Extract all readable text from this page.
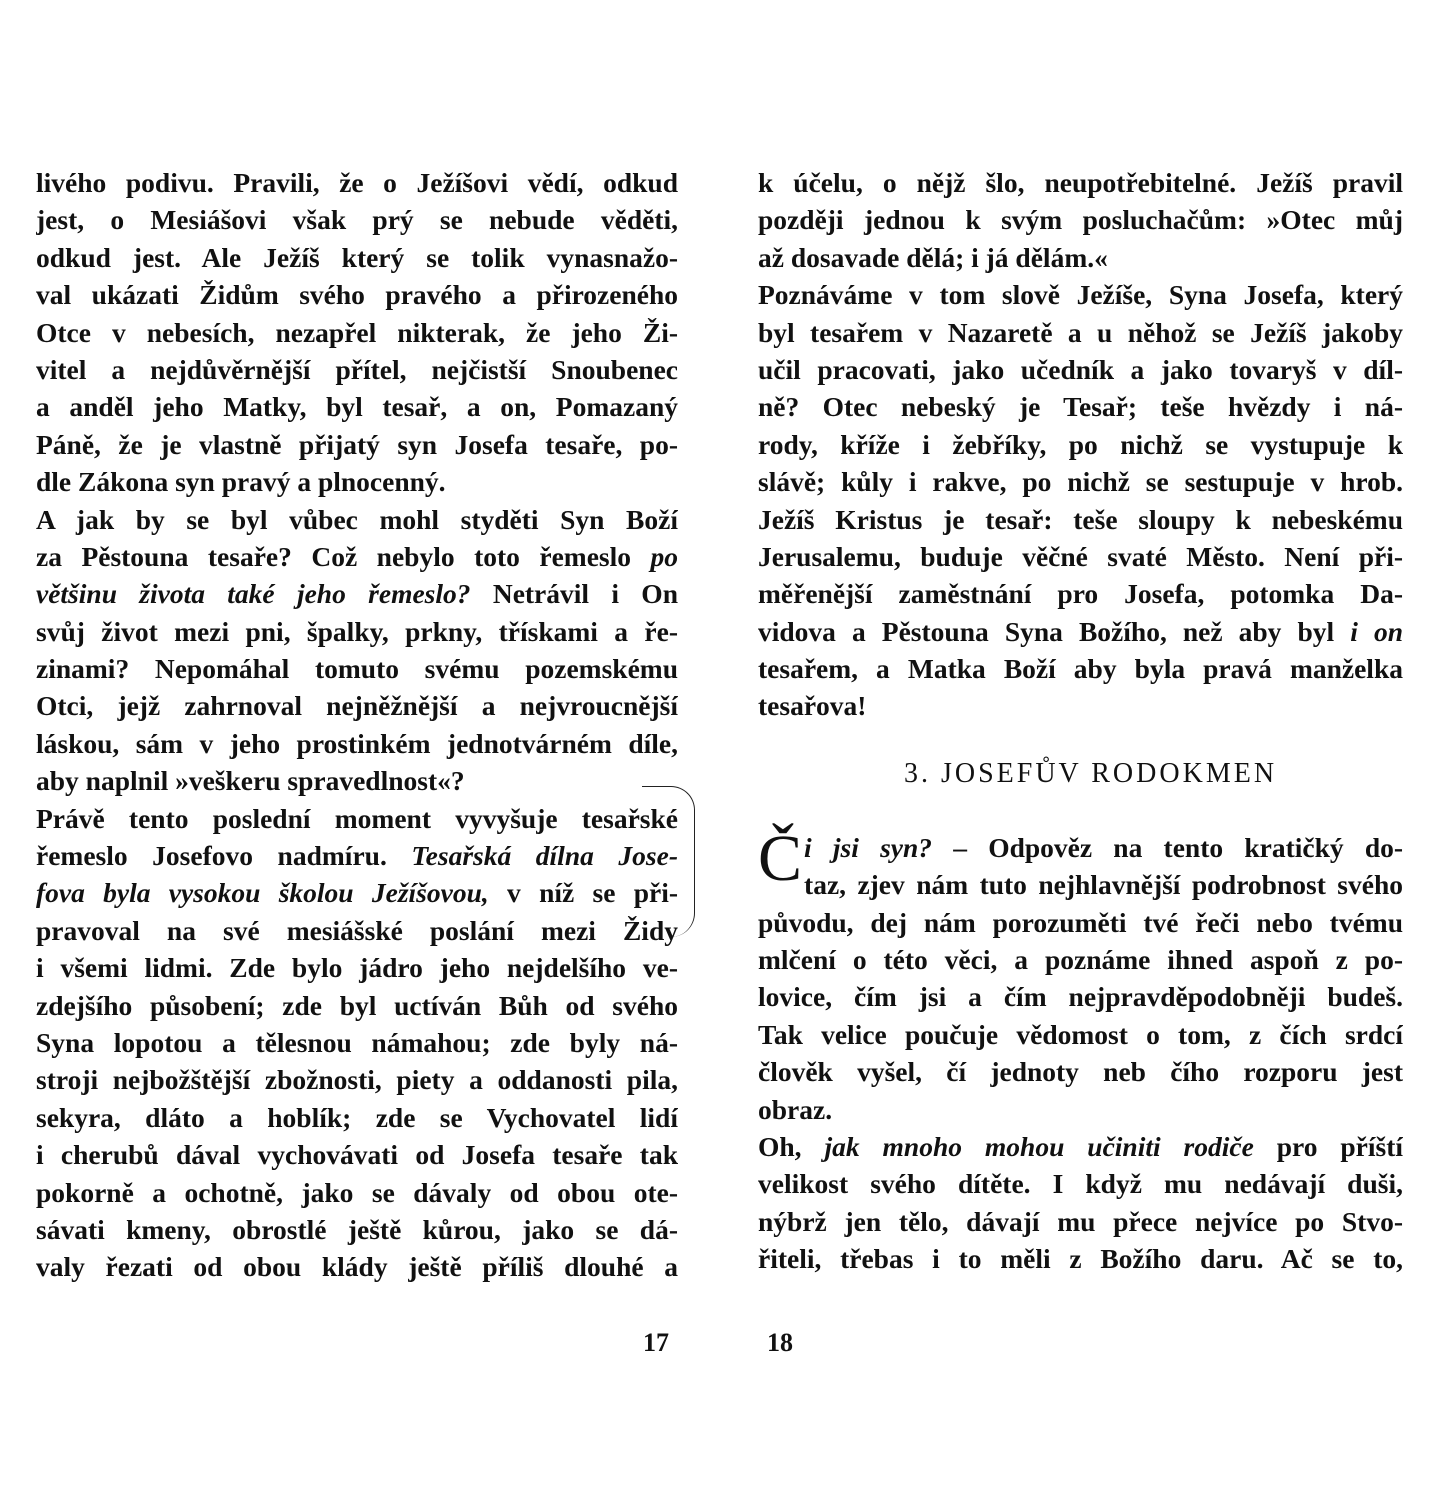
livého podivu. Pravili, že o Ježíšovi vědí, odkud
jest, o Mesiášovi však prý se nebude věděti,
odkud jest. Ale Ježíš který se tolik vynasnažo-
val ukázati Židům svého pravého a přirozeného
Otce v nebesích, nezapřel nikterak, že jeho Ži-
vitel a nejdůvěrnější přítel, nejčistší Snoubenec
a anděl jeho Matky, byl tesař, a on, Pomazaný
Páně, že je vlastně přijatý syn Josefa tesaře, po-
dle Zákona syn pravý a plnocenný.
A jak by se byl vůbec mohl styděti Syn Boží
za Pěstouna tesaře? Což nebylo toto řemeslo po
většinu života také jeho řemeslo? Netrávil i On
svůj život mezi pni, špalky, prkny, třískami a ře-
zinami? Nepomáhal tomuto svému pozemskému
Otci, jejž zahrnoval nejněžnější a nejvroucnější
láskou, sám v jeho prostinkém jednotvárném díle,
aby naplnil »veškeru spravedlnost«?
Právě tento poslední moment vyvyšuje tesařské
řemeslo Josefovo nadmíru. Tesařská dílna Jose-
fova byla vysokou školou Ježíšovou, v níž se při-
pravoval na své mesiášské poslání mezi Židy
i všemi lidmi. Zde bylo jádro jeho nejdelšího ve-
zdejšího působení; zde byl uctíván Bůh od svého
Syna lopotou a tělesnou námahou; zde byly ná-
stroji nejbožštější zbožnosti, piety a oddanosti pila,
sekyra, dláto a hoblík; zde se Vychovatel lidí
i cherubů dával vychovávati od Josefa tesaře tak
pokorně a ochotně, jako se dávaly od obou ote-
sávati kmeny, obrostlé ještě kůrou, jako se dá-
valy řezati od obou klády ještě příliš dlouhé a
k účelu, o nějž šlo, neupotřebitelné. Ježíš pravil
později jednou k svým posluchačům: »Otec můj
až dosavade dělá; i já dělám.«
Poznáváme v tom slově Ježíše, Syna Josefa, který
byl tesařem v Nazaretě a u něhož se Ježíš jakoby
učil pracovati, jako učedník a jako tovaryš v díl-
ně? Otec nebeský je Tesař; teše hvězdy i ná-
rody, kříže i žebříky, po nichž se vystupuje k
slávě; kůly i rakve, po nichž se sestupuje v hrob.
Ježíš Kristus je tesař: teše sloupy k nebeskému
Jerusalemu, buduje věčné svaté Město. Není při-
měřenější zaměstnání pro Josefa, potomka Da-
vidova a Pěstouna Syna Božího, než aby byl i on
tesařem, a Matka Boží aby byla pravá manželka
tesařova!
3. JOSEFŮV RODOKMEN
Č i jsi syn? – Odpověz na tento kratičký do-
taz, zjev nám tuto nejhlavnější podrobnost svého
původu, dej nám porozuměti tvé řeči nebo tvému
mlčení o této věci, a poznáme ihned aspoň z po-
lovice, čím jsi a čím nejpravděpodobněji budeš.
Tak velice poučuje vědomost o tom, z čích srdcí
člověk vyšel, čí jednoty neb čího rozporu jest
obraz.
Oh, jak mnoho mohou učiniti rodiče pro příští
velikost svého dítěte. I když mu nedávají duši,
nýbrž jen tělo, dávají mu přece nejvíce po Stvo-
řiteli, třebas i to měli z Božího daru. Ač se to,
17	18
